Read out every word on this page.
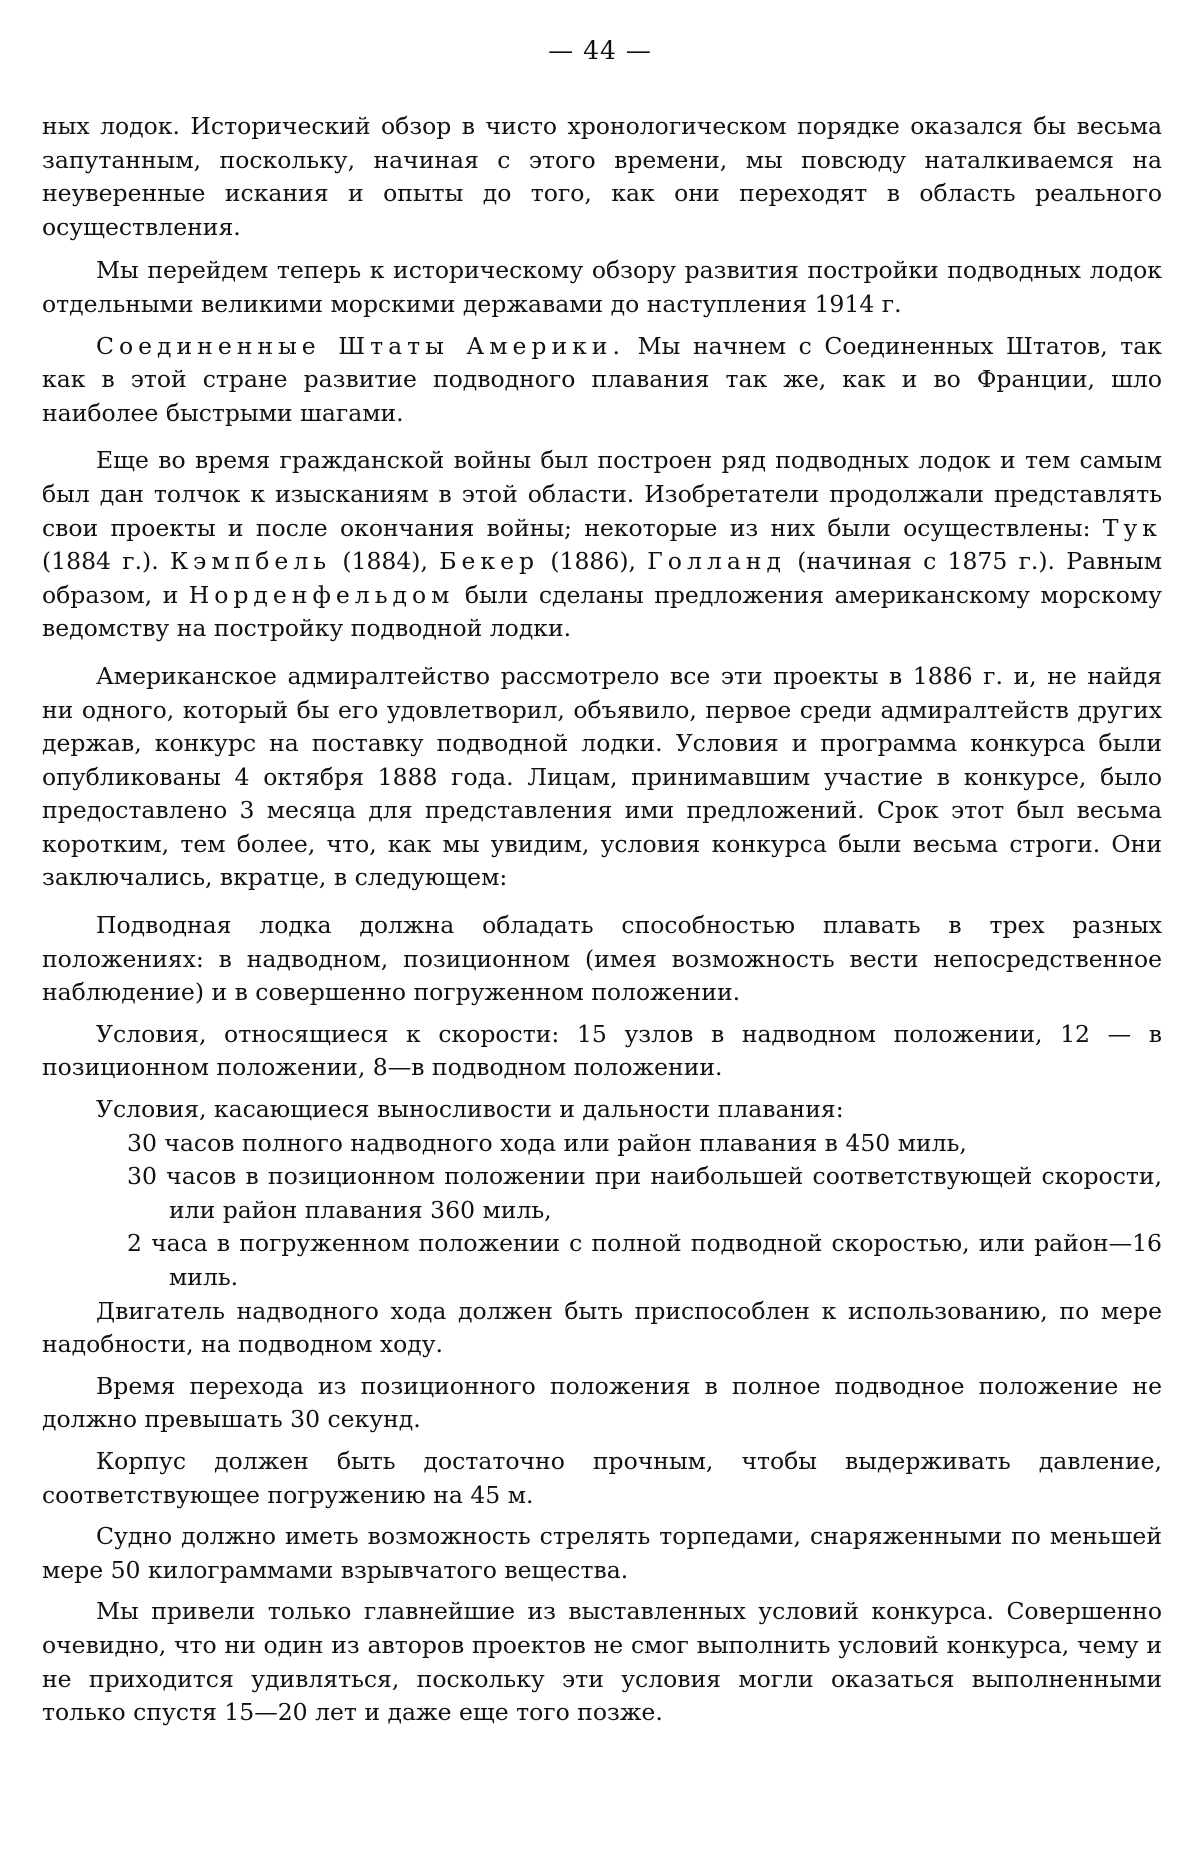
— 44 —

ных лодок. Исторический обзор в чисто хронологическом порядке оказался бы весьма запутанным, поскольку, начиная с этого времени, мы повсюду наталкиваемся на неуверенные искания и опыты до того, как они переходят в область реального осуществления.

Мы перейдем теперь к историческому обзору развития постройки подводных лодок отдельными великими морскими державами до наступления 1914 г.

Соединенные Штаты Америки. Мы начнем с Соединенных Штатов, так как в этой стране развитие подводного плавания так же, как и во Франции, шло наиболее быстрыми шагами.

Еще во время гражданской войны был построен ряд подводных лодок и тем самым был дан толчок к изысканиям в этой области. Изобретатели продолжали представлять свои проекты и после окончания войны; некоторые из них были осуществлены: Тук (1884 г.). Кэмпбель (1884), Бекер (1886), Голланд (начиная с 1875 г.). Равным образом, и Норденфельдом были сделаны предложения американскому морскому ведомству на постройку подводной лодки.

Американское адмиралтейство рассмотрело все эти проекты в 1886 г. и, не найдя ни одного, который бы его удовлетворил, объявило, первое среди адмиралтейств других держав, конкурс на поставку подводной лодки. Условия и программа конкурса были опубликованы 4 октября 1888 года. Лицам, принимавшим участие в конкурсе, было предоставлено 3 месяца для представления ими предложений. Срок этот был весьма коротким, тем более, что, как мы увидим, условия конкурса были весьма строги. Они заключались, вкратце, в следующем:

Подводная лодка должна обладать способностью плавать в трех разных положениях: в надводном, позиционном (имея возможность вести непосредственное наблюдение) и в совершенно погруженном положении.

Условия, относящиеся к скорости: 15 узлов в надводном положении, 12 — в позиционном положении, 8—в подводном положении.

Условия, касающиеся выносливости и дальности плавания:

30 часов полного надводного хода или район плавания в 450 миль,
30 часов в позиционном положении при наибольшей соответствующей скорости, или район плавания 360 миль,
2 часа в погруженном положении с полной подводной скоростью, или район—16 миль.

Двигатель надводного хода должен быть приспособлен к использованию, по мере надобности, на подводном ходу.

Время перехода из позиционного положения в полное подводное положение не должно превышать 30 секунд.

Корпус должен быть достаточно прочным, чтобы выдерживать давление, соответствующее погружению на 45 м.

Судно должно иметь возможность стрелять торпедами, снаряженными по меньшей мере 50 килограммами взрывчатого вещества.

Мы привели только главнейшие из выставленных условий конкурса. Совершенно очевидно, что ни один из авторов проектов не смог выполнить условий конкурса, чему и не приходится удивляться, поскольку эти условия могли оказаться выполненными только спустя 15—20 лет и даже еще того позже.
